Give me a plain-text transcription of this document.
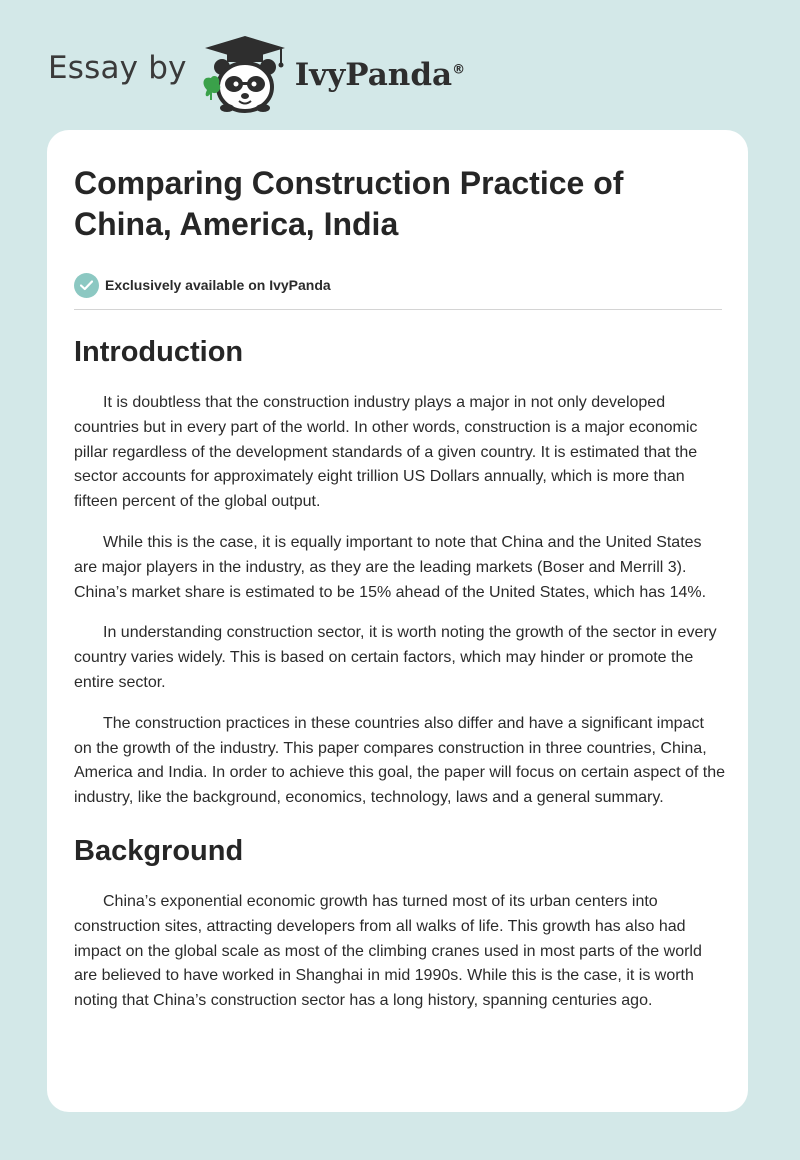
Essay by	IvyPanda®
Comparing Construction Practice of China, America, India
Exclusively available on IvyPanda
Introduction

It is doubtless that the construction industry plays a major in not only developed countries but in every part of the world. In other words, construction is a major economic pillar regardless of the development standards of a given country. It is estimated that the sector accounts for approximately eight trillion US Dollars annually, which is more than fifteen percent of the global output.

While this is the case, it is equally important to note that China and the United States are major players in the industry, as they are the leading markets (Boser and Merrill 3). China’s market share is estimated to be 15% ahead of the United States, which has 14%.

In understanding construction sector, it is worth noting the growth of the sector in every country varies widely. This is based on certain factors, which may hinder or promote the entire sector.

The construction practices in these countries also differ and have a significant impact on the growth of the industry. This paper compares construction in three countries, China, America and India. In order to achieve this goal, the paper will focus on certain aspect of the industry, like the background, economics, technology, laws and a general summary.

Background

China’s exponential economic growth has turned most of its urban centers into construction sites, attracting developers from all walks of life. This growth has also had impact on the global scale as most of the climbing cranes used in most parts of the world are believed to have worked in Shanghai in mid 1990s. While this is the case, it is worth noting that China’s construction sector has a long history, spanning centuries ago.
